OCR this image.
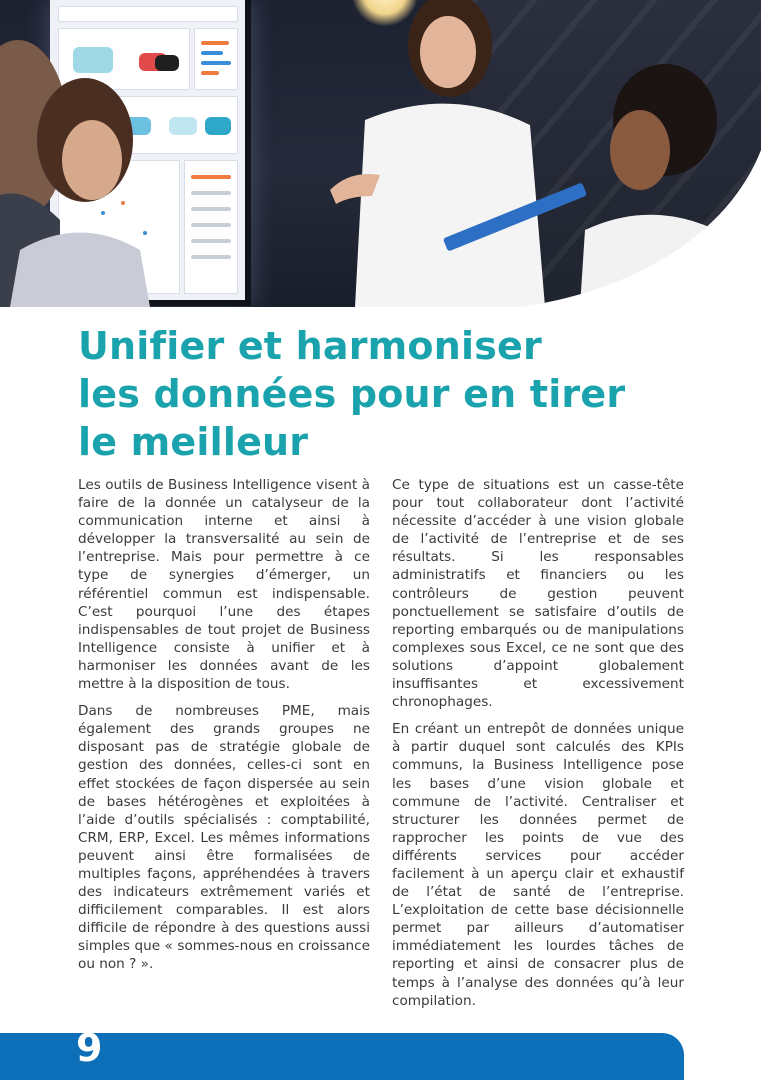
Unifier et harmoniser
les données pour en tirer
le meilleur

Les outils de Business Intelligence visent à faire de la donnée un catalyseur de la communication interne et ainsi à développer la transversalité au sein de l’entreprise. Mais pour permettre à ce type de synergies d’émerger, un référentiel commun est indispensable. C’est pourquoi l’une des étapes indispensables de tout projet de Business Intelligence consiste à unifier et à harmoniser les données avant de les mettre à la disposition de tous.

Dans de nombreuses PME, mais également des grands groupes ne disposant pas de stratégie globale de gestion des données, celles-ci sont en effet stockées de façon dispersée au sein de bases hétérogènes et exploitées à l’aide d’outils spécialisés : comptabilité, CRM, ERP, Excel. Les mêmes informations peuvent ainsi être formalisées de multiples façons, appréhendées à travers des indicateurs extrêmement variés et difficilement comparables. Il est alors difficile de répondre à des questions aussi simples que « sommes-nous en croissance ou non ? ».

Ce type de situations est un casse-tête pour tout collaborateur dont l’activité nécessite d’accéder à une vision globale de l’activité de l’entreprise et de ses résultats. Si les responsables administratifs et financiers ou les contrôleurs de gestion peuvent ponctuellement se satisfaire d’outils de reporting embarqués ou de manipulations complexes sous Excel, ce ne sont que des solutions d’appoint globalement insuffisantes et excessivement chronophages.

En créant un entrepôt de données unique à partir duquel sont calculés des KPIs communs, la Business Intelligence pose les bases d’une vision globale et commune de l’activité. Centraliser et structurer les données permet de rapprocher les points de vue des différents services pour accéder facilement à un aperçu clair et exhaustif de l’état de santé de l’entreprise. L’exploitation de cette base décisionnelle permet par ailleurs d’automatiser immédiatement les lourdes tâches de reporting et ainsi de consacrer plus de temps à l’analyse des données qu’à leur compilation.

9
